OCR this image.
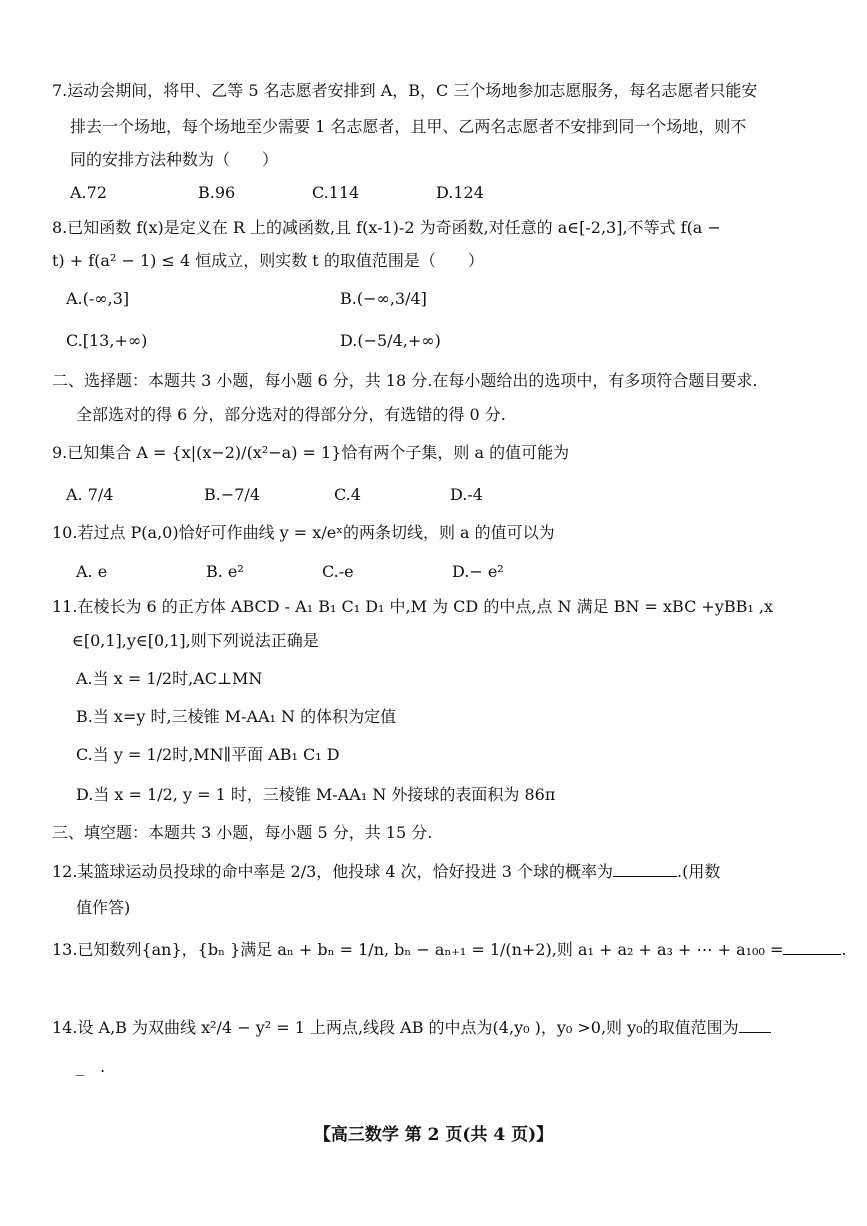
7.运动会期间，将甲、乙等 5 名志愿者安排到 A，B，C 三个场地参加志愿服务，每名志愿者只能安
排去一个场地，每个场地至少需要 1 名志愿者，且甲、乙两名志愿者不安排到同一个场地，则不
同的安排方法种数为（　　）
A.72	B.96	C.114	D.124
8.已知函数 f(x)是定义在 R 上的减函数,且 f(x-1)-2 为奇函数,对任意的 a∈[-2,3],不等式 f(a −
t) + f(a² − 1) ≤ 4 恒成立，则实数 t 的取值范围是（　　）
A.(-∞,3]	B.(−∞,3/4]
C.[13,+∞)	D.(−5/4,+∞)
二、选择题：本题共 3 小题，每小题 6 分，共 18 分.在每小题给出的选项中，有多项符合题目要求.
全部选对的得 6 分，部分选对的得部分分，有选错的得 0 分.
9.已知集合 A = {x|(x−2)/(x²−a) = 1}恰有两个子集，则 a 的值可能为
A. 7/4	B.−7/4	C.4	D.-4
10.若过点 P(a,0)恰好可作曲线 y = x/eˣ的两条切线，则 a 的值可以为
A. e	B. e²	C.-e	D.− e²
11.在棱长为 6 的正方体 ABCD - A₁ B₁ C₁ D₁ 中,M 为 CD 的中点,点 N 满足 BN = xBC +yBB₁ ,x
∈[0,1],y∈[0,1],则下列说法正确是
A.当 x = 1/2时,AC⊥MN
B.当 x=y 时,三棱锥 M-AA₁ N 的体积为定值
C.当 y = 1/2时,MN∥平面 AB₁ C₁ D
D.当 x = 1/2, y = 1 时，三棱锥 M-AA₁ N 外接球的表面积为 86π
三、填空题：本题共 3 小题，每小题 5 分，共 15 分.
12.某篮球运动员投球的命中率是 2/3，他投球 4 次，恰好投进 3 个球的概率为	.(用数
值作答)
13.已知数列{an}，{bₙ }满足 aₙ + bₙ = 1/n, bₙ − aₙ₊₁ = 1/(n+2),则 a₁ + a₂ + a₃ + ⋯ + a₁₀₀ =	.
14.设 A,B 为双曲线 x²/4 − y² = 1 上两点,线段 AB 的中点为(4,y₀ )，y₀ >0,则 y₀的取值范围为
_　.
【高三数学 第 2 页(共 4 页)】
